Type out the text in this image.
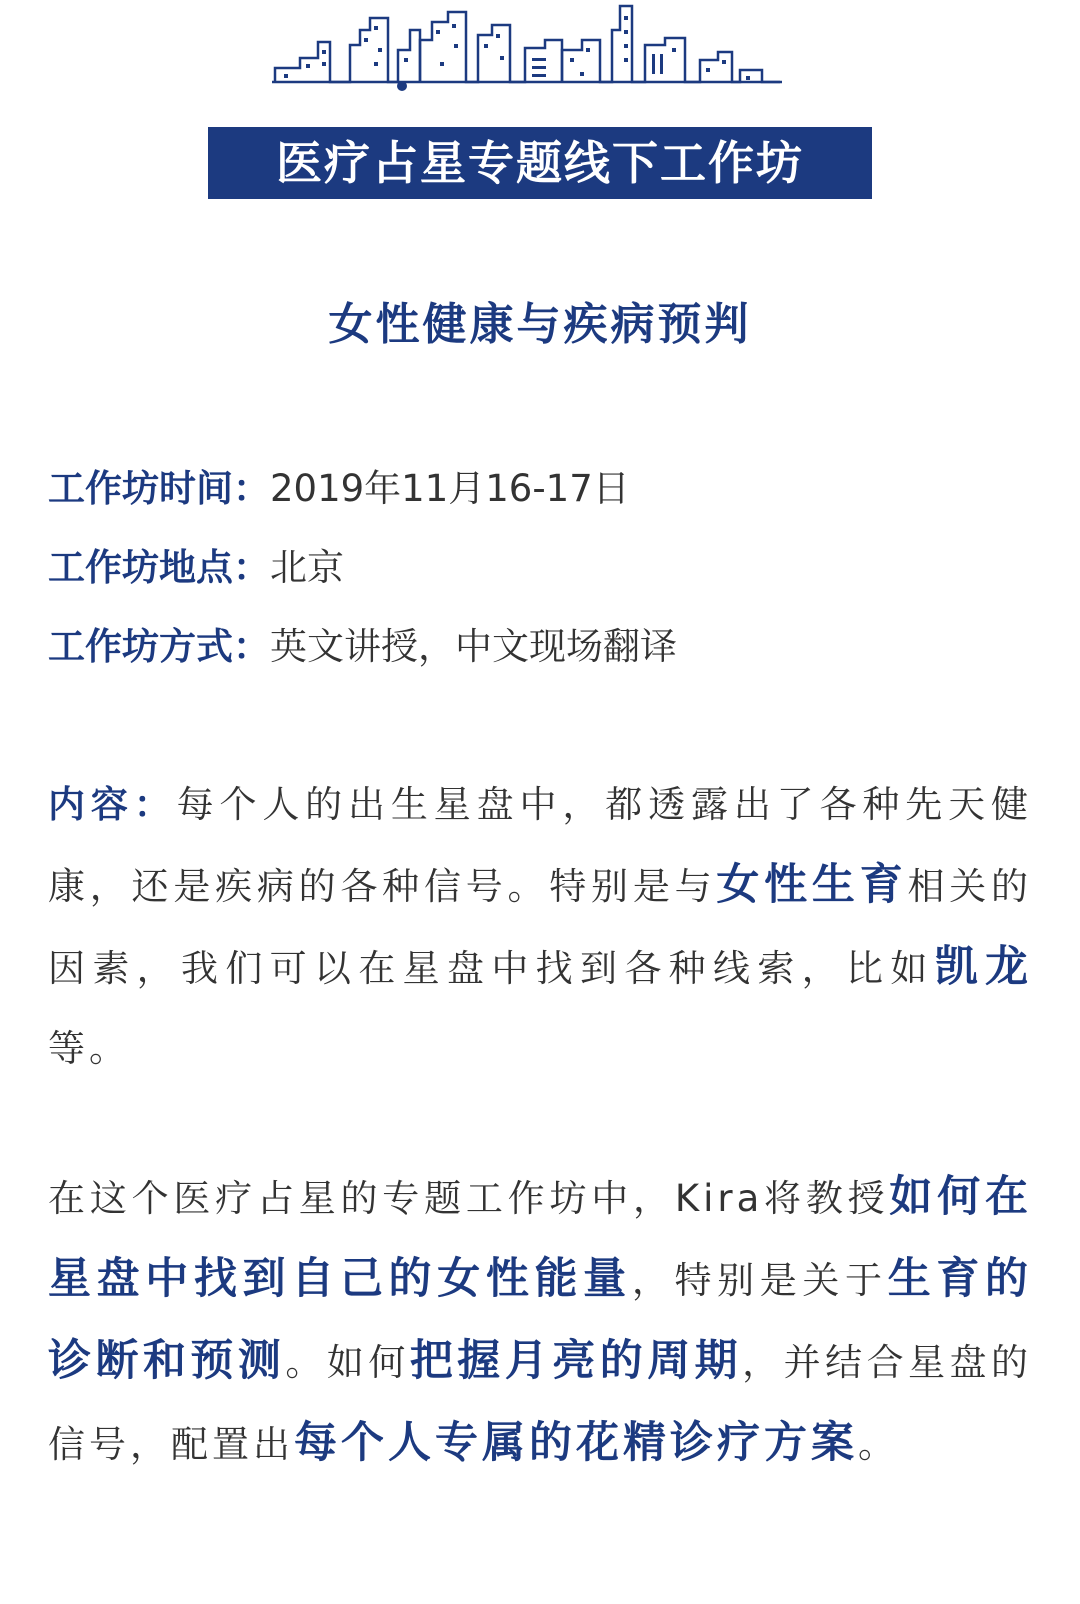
医疗占星专题线下工作坊
女性健康与疾病预判
工作坊时间：2019年11月16-17日
工作坊地点：北京
工作坊方式：英文讲授，中文现场翻译
内容：每个人的出生星盘中，都透露出了各种先天健康，还是疾病的各种信号。特别是与女性生育相关的因素，我们可以在星盘中找到各种线索，比如凯龙等。
在这个医疗占星的专题工作坊中，Kira将教授如何在星盘中找到自己的女性能量，特别是关于生育的诊断和预测。如何把握月亮的周期，并结合星盘的信号，配置出每个人专属的花精诊疗方案。
